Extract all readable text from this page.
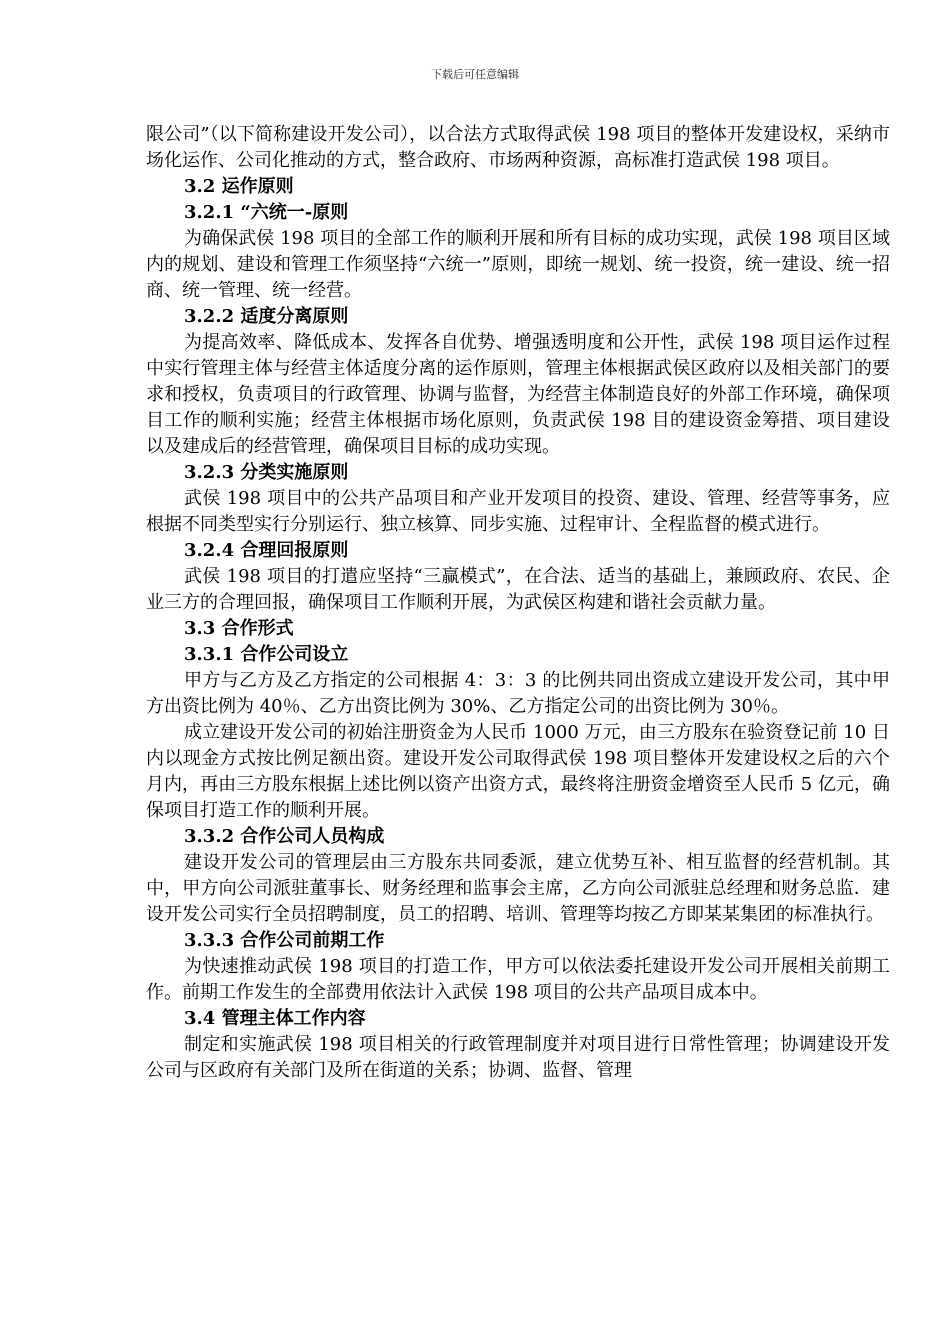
下载后可任意编辑
限公司”（以下简称建设开发公司），以合法方式取得武侯 198 项目的整体开发建设权，采纳市场化运作、公司化推动的方式，整合政府、市场两种资源，高标准打造武侯 198 项目。
3.2 运作原则
3.2.1 “六统一-原则
为确保武侯 198 项目的全部工作的顺利开展和所有目标的成功实现，武侯 198 项目区域内的规划、建设和管理工作须坚持“六统一”原则，即统一规划、统一投资，统一建设、统一招商、统一管理、统一经营。
3.2.2 适度分离原则
为提高效率、降低成本、发挥各自优势、增强透明度和公开性，武侯 198 项目运作过程中实行管理主体与经营主体适度分离的运作原则，管理主体根据武侯区政府以及相关部门的要求和授权，负责项目的行政管理、协调与监督，为经营主体制造良好的外部工作环境，确保项目工作的顺利实施；经营主体根据市场化原则，负责武侯 198 目的建设资金筹措、项目建设以及建成后的经营管理，确保项目目标的成功实现。
3.2.3 分类实施原则
武侯 198 项目中的公共产品项目和产业开发项目的投资、建设、管理、经营等事务，应根据不同类型实行分别运行、独立核算、同步实施、过程审计、全程监督的模式进行。
3.2.4 合理回报原则
武侯 198 项目的打遣应坚持“三赢模式”，在合法、适当的基础上，兼顾政府、农民、企业三方的合理回报，确保项目工作顺利开展，为武侯区构建和谐社会贡献力量。
3.3 合作形式
3.3.1 合作公司设立
甲方与乙方及乙方指定的公司根据 4：3：3 的比例共同出资成立建设开发公司，其中甲方出资比例为 40％、乙方出资比例为 30%、乙方指定公司的出资比例为 30％。
成立建设开发公司的初始注册资金为人民币 1000 万元，由三方股东在验资登记前 10 日内以现金方式按比例足额出资。建设开发公司取得武侯 198 项目整体开发建设权之后的六个月内，再由三方股东根据上述比例以资产出资方式，最终将注册资金增资至人民币 5 亿元，确保项目打造工作的顺利开展。
3.3.2 合作公司人员构成
建设开发公司的管理层由三方股东共同委派，建立优势互补、相互监督的经营机制。其中，甲方向公司派驻董事长、财务经理和监事会主席，乙方向公司派驻总经理和财务总监．建设开发公司实行全员招聘制度，员工的招聘、培训、管理等均按乙方即某某集团的标准执行。
3.3.3 合作公司前期工作
为快速推动武侯 198 项目的打造工作，甲方可以依法委托建设开发公司开展相关前期工作。前期工作发生的全部费用依法计入武侯 198 项目的公共产品项目成本中。
3.4 管理主体工作内容
制定和实施武侯 198 项目相关的行政管理制度并对项目进行日常性管理；协调建设开发公司与区政府有关部门及所在街道的关系；协调、监督、管理
